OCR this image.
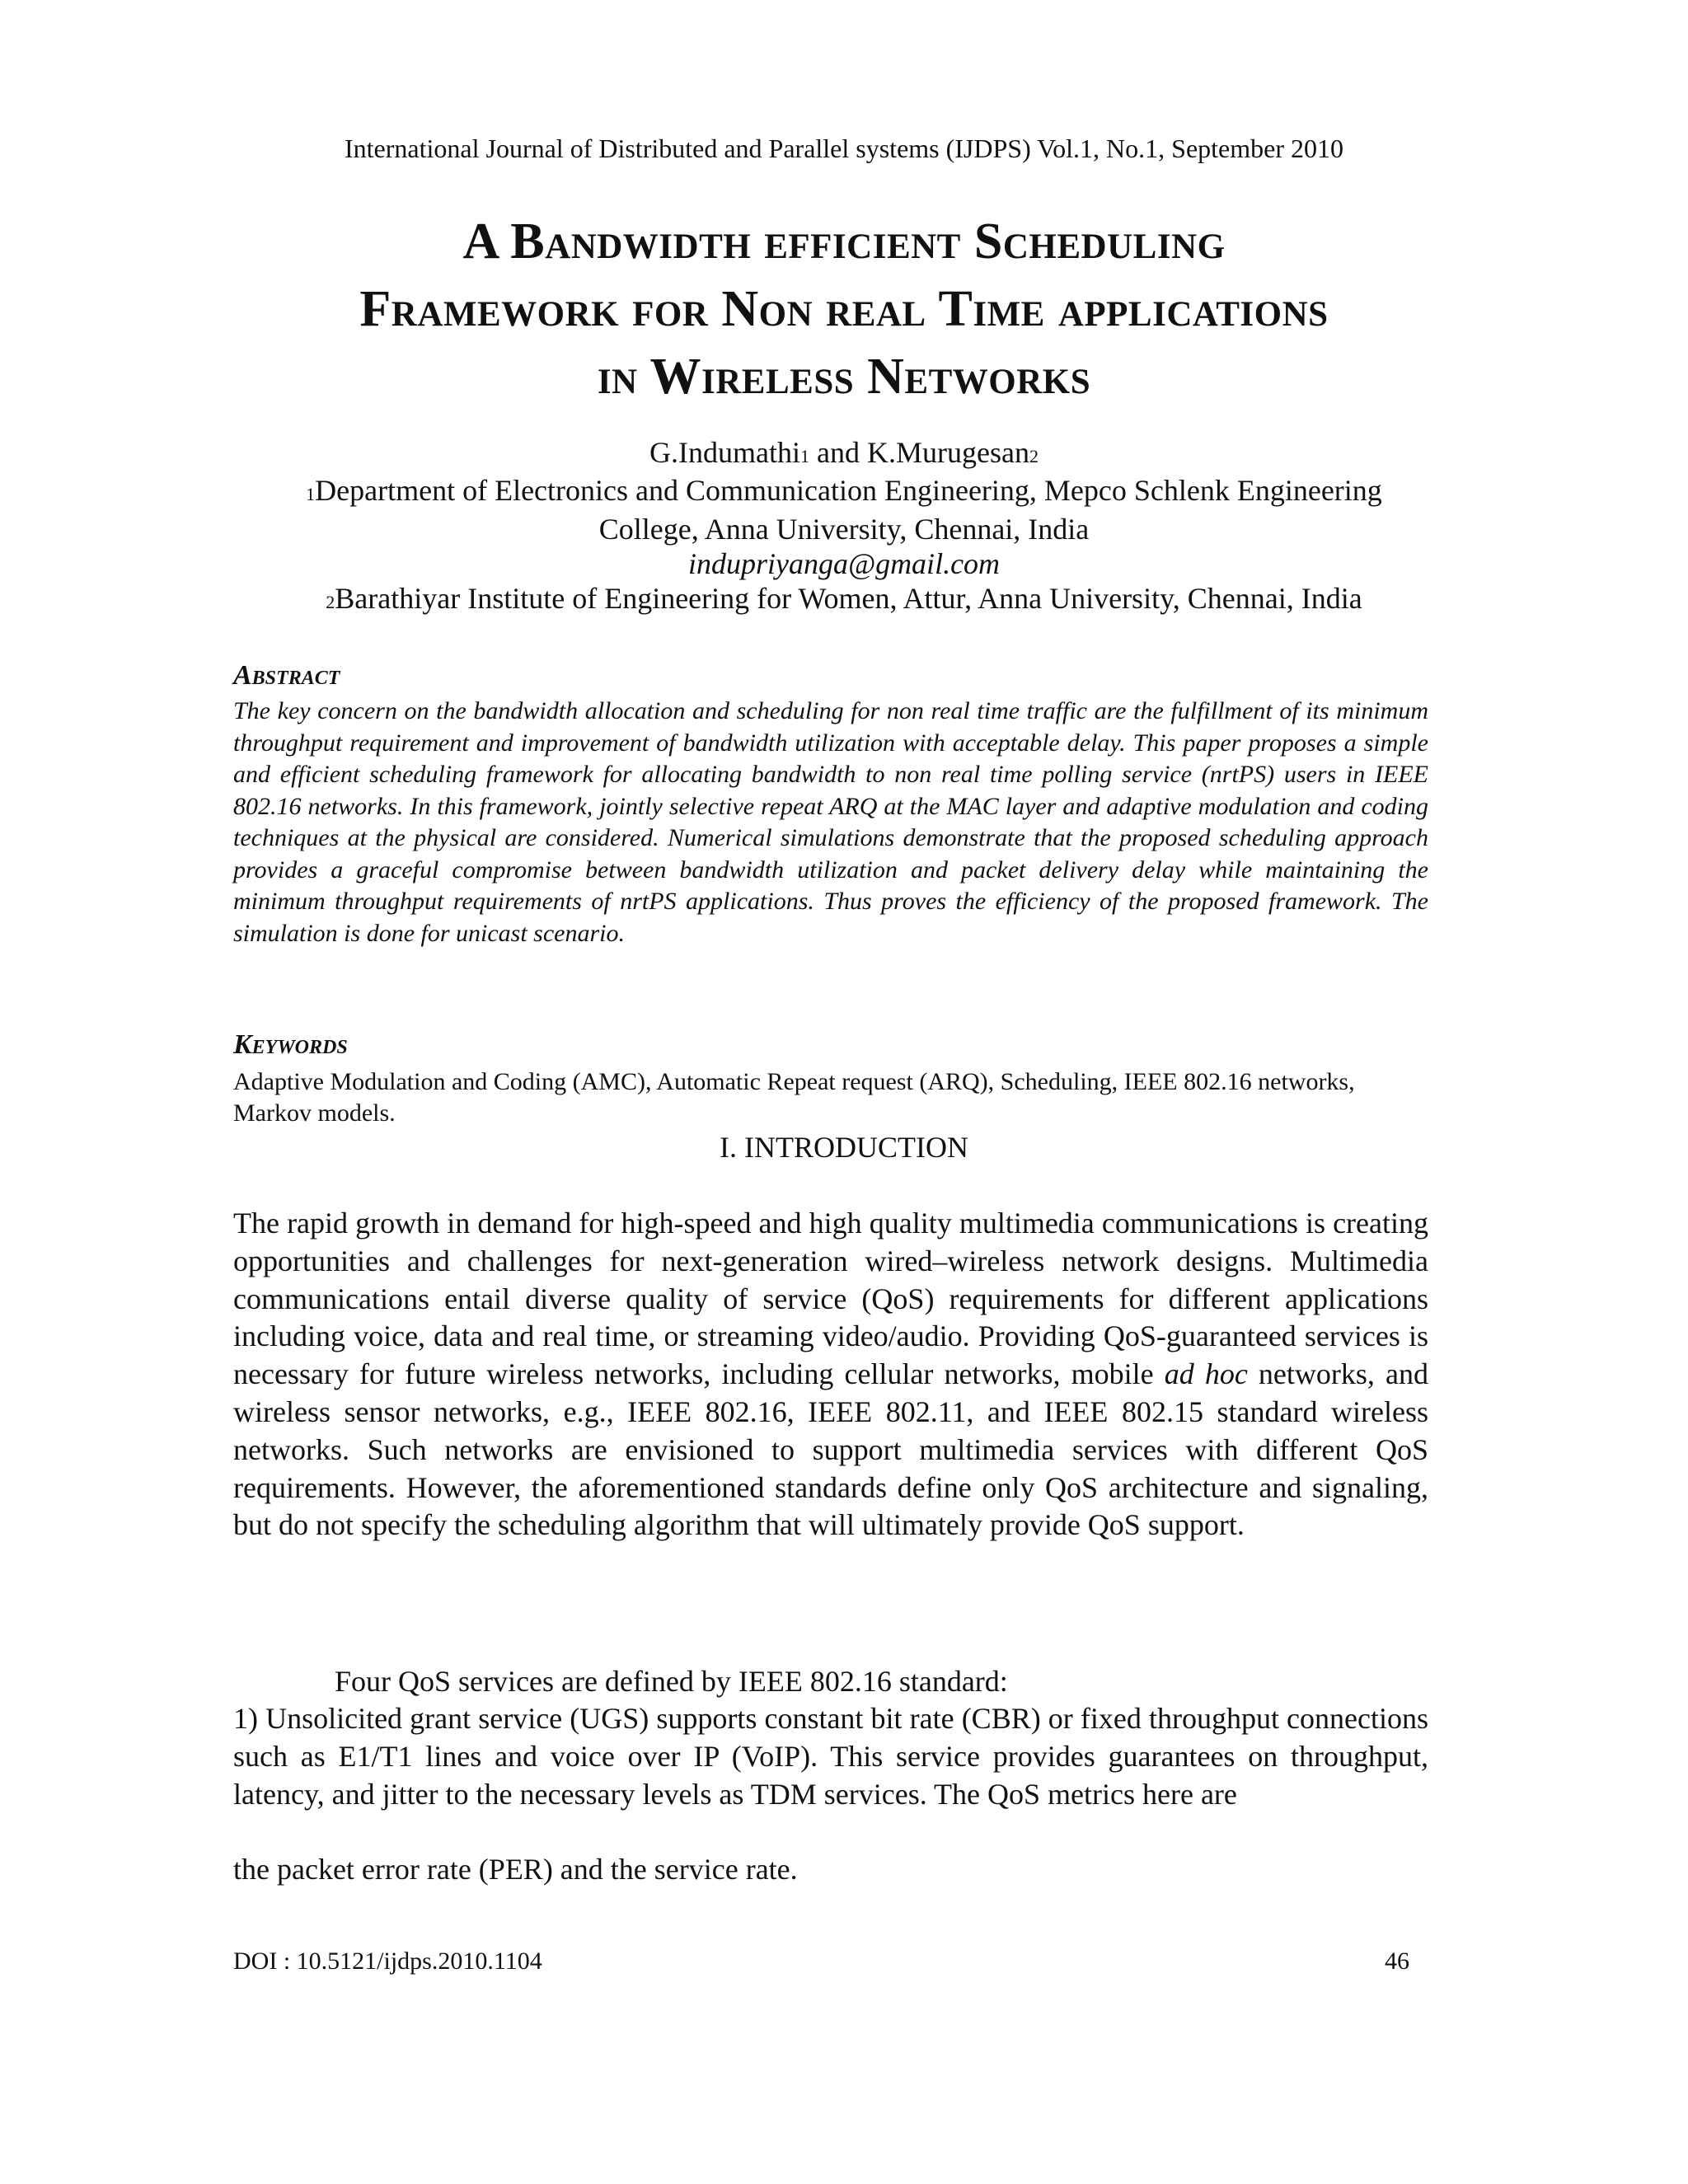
International Journal of Distributed and Parallel systems (IJDPS) Vol.1, No.1, September 2010
A Bandwidth efficient Scheduling
Framework for Non real Time applications
in Wireless Networks
G.Indumathi1 and K.Murugesan2
1Department of Electronics and Communication Engineering, Mepco Schlenk Engineering
College, Anna University, Chennai, India
indupriyanga@gmail.com
2Barathiyar Institute of Engineering for Women, Attur, Anna University, Chennai, India
Abstract

The key concern on the bandwidth allocation and scheduling for non real time traffic are the fulfillment of its minimum throughput requirement and improvement of bandwidth utilization with acceptable delay. This paper proposes a simple and efficient scheduling framework for allocating bandwidth to non real time polling service (nrtPS) users in IEEE 802.16 networks. In this framework, jointly selective repeat ARQ at the MAC layer and adaptive modulation and coding techniques at the physical are considered. Numerical simulations demonstrate that the proposed scheduling approach provides a graceful compromise between bandwidth utilization and packet delivery delay while maintaining the minimum throughput requirements of nrtPS applications. Thus proves the efficiency of the proposed framework. The simulation is done for unicast scenario.

Keywords

Adaptive Modulation and Coding (AMC), Automatic Repeat request (ARQ), Scheduling, IEEE 802.16 networks, Markov models.

I. INTRODUCTION

The rapid growth in demand for high-speed and high quality multimedia communications is creating opportunities and challenges for next-generation wired–wireless network designs. Multimedia communications entail diverse quality of service (QoS) requirements for different applications including voice, data and real time, or streaming video/audio. Providing QoS-guaranteed services is necessary for future wireless networks, including cellular networks, mobile ad hoc networks, and wireless sensor networks, e.g., IEEE 802.16, IEEE 802.11, and IEEE 802.15 standard wireless networks. Such networks are envisioned to support multimedia services with different QoS requirements. However, the aforementioned standards define only QoS architecture and signaling, but do not specify the scheduling algorithm that will ultimately provide QoS support.

Four QoS services are defined by IEEE 802.16 standard:

1) Unsolicited grant service (UGS) supports constant bit rate (CBR) or fixed throughput connections such as E1/T1 lines and voice over IP (VoIP). This service provides guarantees on throughput, latency, and jitter to the necessary levels as TDM services. The QoS metrics here are

the packet error rate (PER) and the service rate.
DOI : 10.5121/ijdps.2010.1104	46
